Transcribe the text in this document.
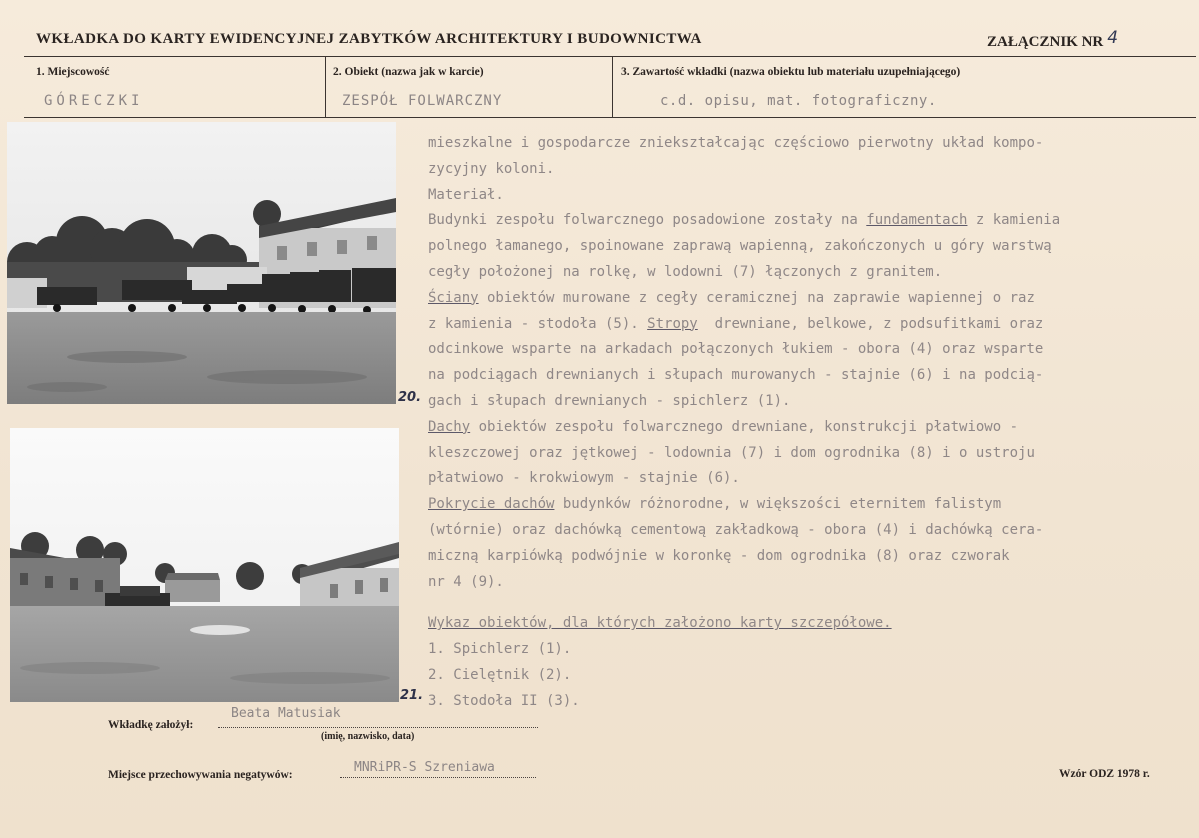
WKŁADKA DO KARTY EWIDENCYJNEJ ZABYTKÓW ARCHITEKTURY I BUDOWNICTWA	ZAŁĄCZNIK NR 4
1. Miejscowość	2. Obiekt (nazwa jak w karcie)	3. Zawartość wkładki (nazwa obiektu lub materiału uzupełniającego)
GÓRECZKI	ZESPÓŁ FOLWARCZNY	c.d. opisu, mat. fotograficzny.
20.
21.
mieszkalne i gospodarcze zniekształcając częściowo pierwotny układ kompo-
zycyjny koloni.
Materiał.
Budynki zespołu folwarcznego posadowione zostały na fundamentach z kamienia
polnego łamanego, spoinowane zaprawą wapienną, zakończonych u góry warstwą
cegły położonej na rolkę, w lodowni (7) łączonych z granitem.
Ściany obiektów murowane z cegły ceramicznej na zaprawie wapiennej o raz
z kamienia - stodoła (5). Stropy  drewniane, belkowe, z podsufitkami oraz
odcinkowe wsparte na arkadach połączonych łukiem - obora (4) oraz wsparte
na podciągach drewnianych i słupach murowanych - stajnie (6) i na podcią-
gach i słupach drewnianych - spichlerz (1).
Dachy obiektów zespołu folwarcznego drewniane, konstrukcji płatwiowo -
kleszczowej oraz jętkowej - lodownia (7) i dom ogrodnika (8) i o ustroju
płatwiowo - krokwiowym - stajnie (6).
Pokrycie dachów budynków różnorodne, w większości eternitem falistym
(wtórnie) oraz dachówką cementową zakładkową - obora (4) i dachówką cera-
miczną karpiówką podwójnie w koronkę - dom ogrodnika (8) oraz czworak
nr 4 (9).
Wykaz obiektów, dla których założono karty szczepółowe.
1. Spichlerz (1).
2. Cielętnik (2).
3. Stodoła II (3).
Wkładkę założył:
Beata Matusiak
(imię, nazwisko, data)
Miejsce przechowywania negatywów:	MNRiPR-S Szreniawa	Wzór ODZ 1978 r.
